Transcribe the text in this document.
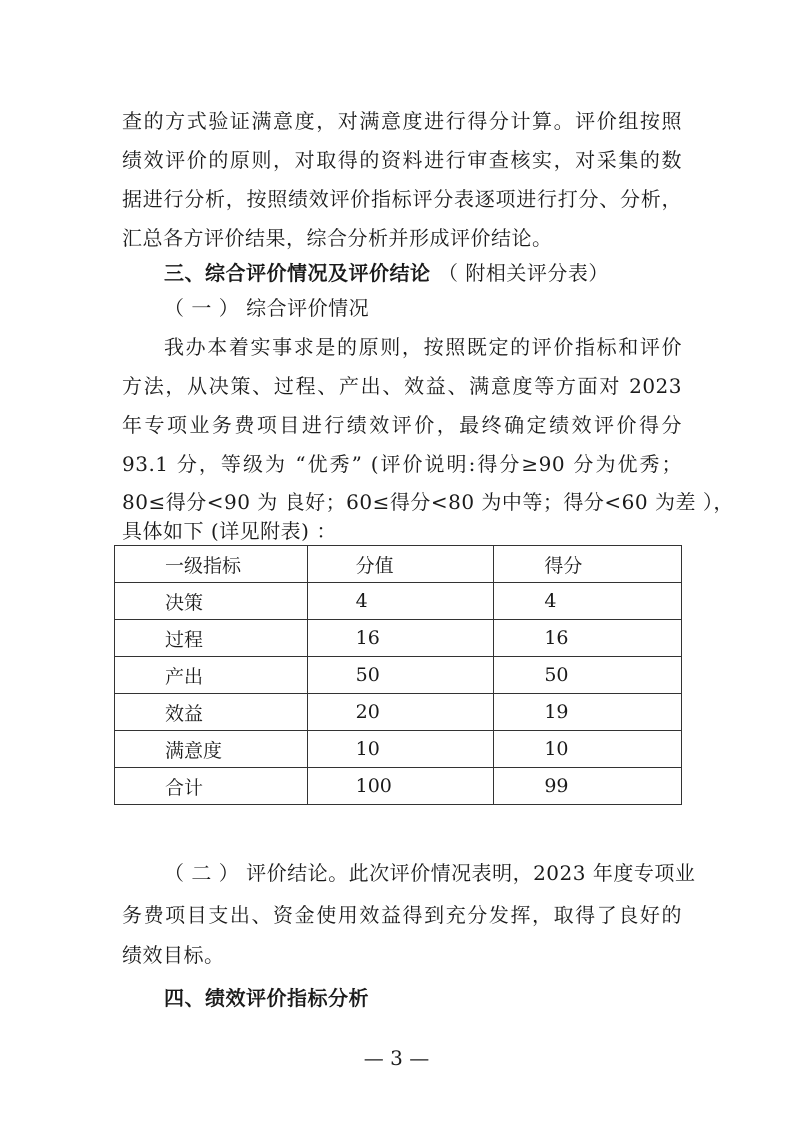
查的方式验证满意度，对满意度进行得分计算。评价组按照
绩效评价的原则，对取得的资料进行审查核实，对采集的数
据进行分析，按照绩效评价指标评分表逐项进行打分、分析，
汇总各方评价结果，综合分析并形成评价结论。
三、综合评价情况及评价结论 （ 附相关评分表）
（ 一 ） 综合评价情况
我办本着实事求是的原则，按照既定的评价指标和评价
方法，从决策、过程、产出、效益、满意度等方面对 2023
年专项业务费项目进行绩效评价，最终确定绩效评价得分
93.1 分，等级为 “优秀” (评价说明:得分≥90 分为优秀；
80≤得分<90 为 良好；60≤得分<80 为中等；得分<60 为差 ），
具体如下 (详见附表) ：
一级指标	分值	得分
决策	4	4
过程	16	16
产出	50	50
效益	20	19
满意度	10	10
合计	100	99
（ 二 ） 评价结论。此次评价情况表明，2023 年度专项业
务费项目支出、资金使用效益得到充分发挥，取得了良好的
绩效目标。
四、绩效评价指标分析
— 3 —
